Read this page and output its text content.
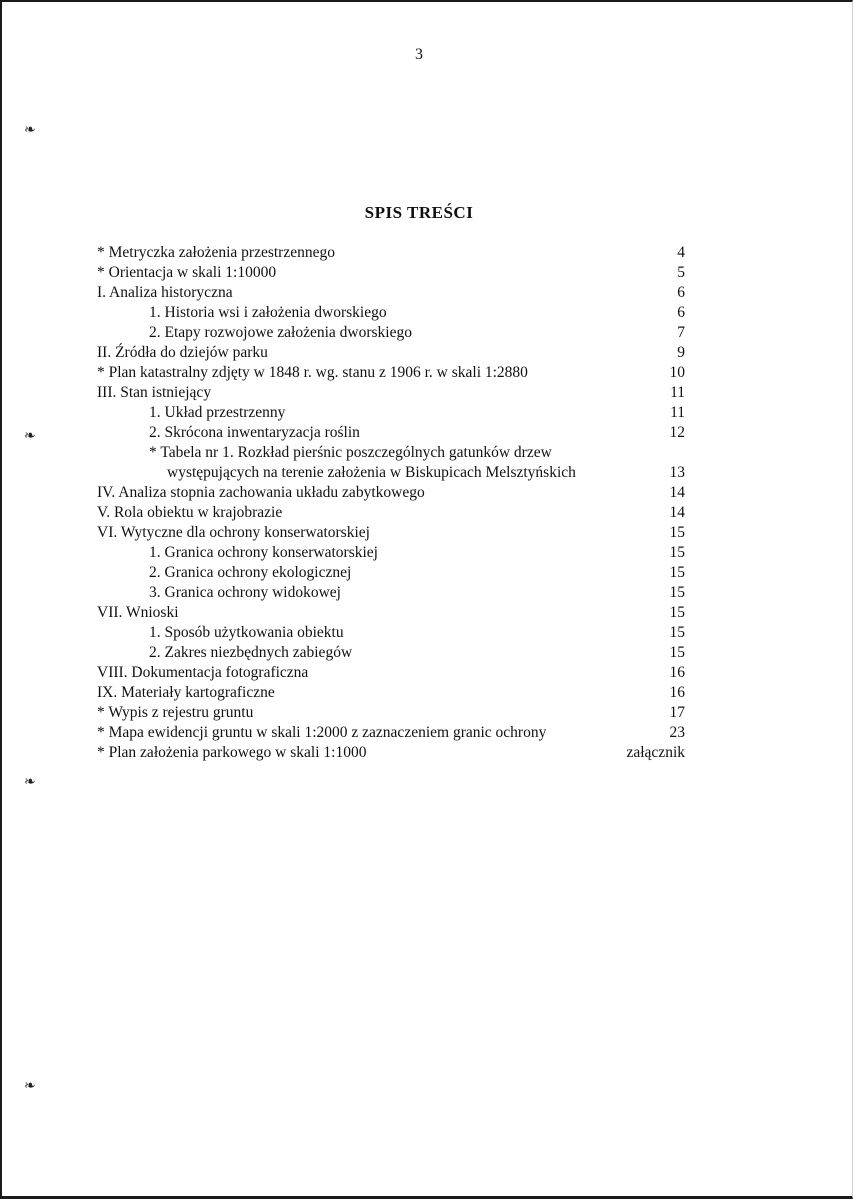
3
SPIS TREŚCI
❧
❧
❧
❧
* Metryczka założenia przestrzennego	4
* Orientacja w skali 1:10000	5
I. Analiza historyczna	6
1. Historia wsi i założenia dworskiego	6
2. Etapy rozwojowe założenia dworskiego	7
II. Źródła do dziejów parku	9
* Plan katastralny zdjęty w 1848 r. wg. stanu z 1906 r. w skali 1:2880	10
III. Stan istniejący	11
1. Układ przestrzenny	11
2. Skrócona inwentaryzacja roślin	12
* Tabela nr 1. Rozkład pierśnic poszczególnych gatunków drzew
występujących na terenie założenia w Biskupicach Melsztyńskich	13
IV. Analiza stopnia zachowania układu zabytkowego	14
V. Rola obiektu w krajobrazie	14
VI. Wytyczne dla ochrony konserwatorskiej	15
1. Granica ochrony konserwatorskiej	15
2. Granica ochrony ekologicznej	15
3. Granica ochrony widokowej	15
VII. Wnioski	15
1. Sposób użytkowania obiektu	15
2. Zakres niezbędnych zabiegów	15
VIII. Dokumentacja fotograficzna	16
IX. Materiały kartograficzne	16
* Wypis z rejestru gruntu	17
* Mapa ewidencji gruntu w skali 1:2000 z zaznaczeniem granic ochrony	23
* Plan założenia parkowego w skali 1:1000	załącznik
